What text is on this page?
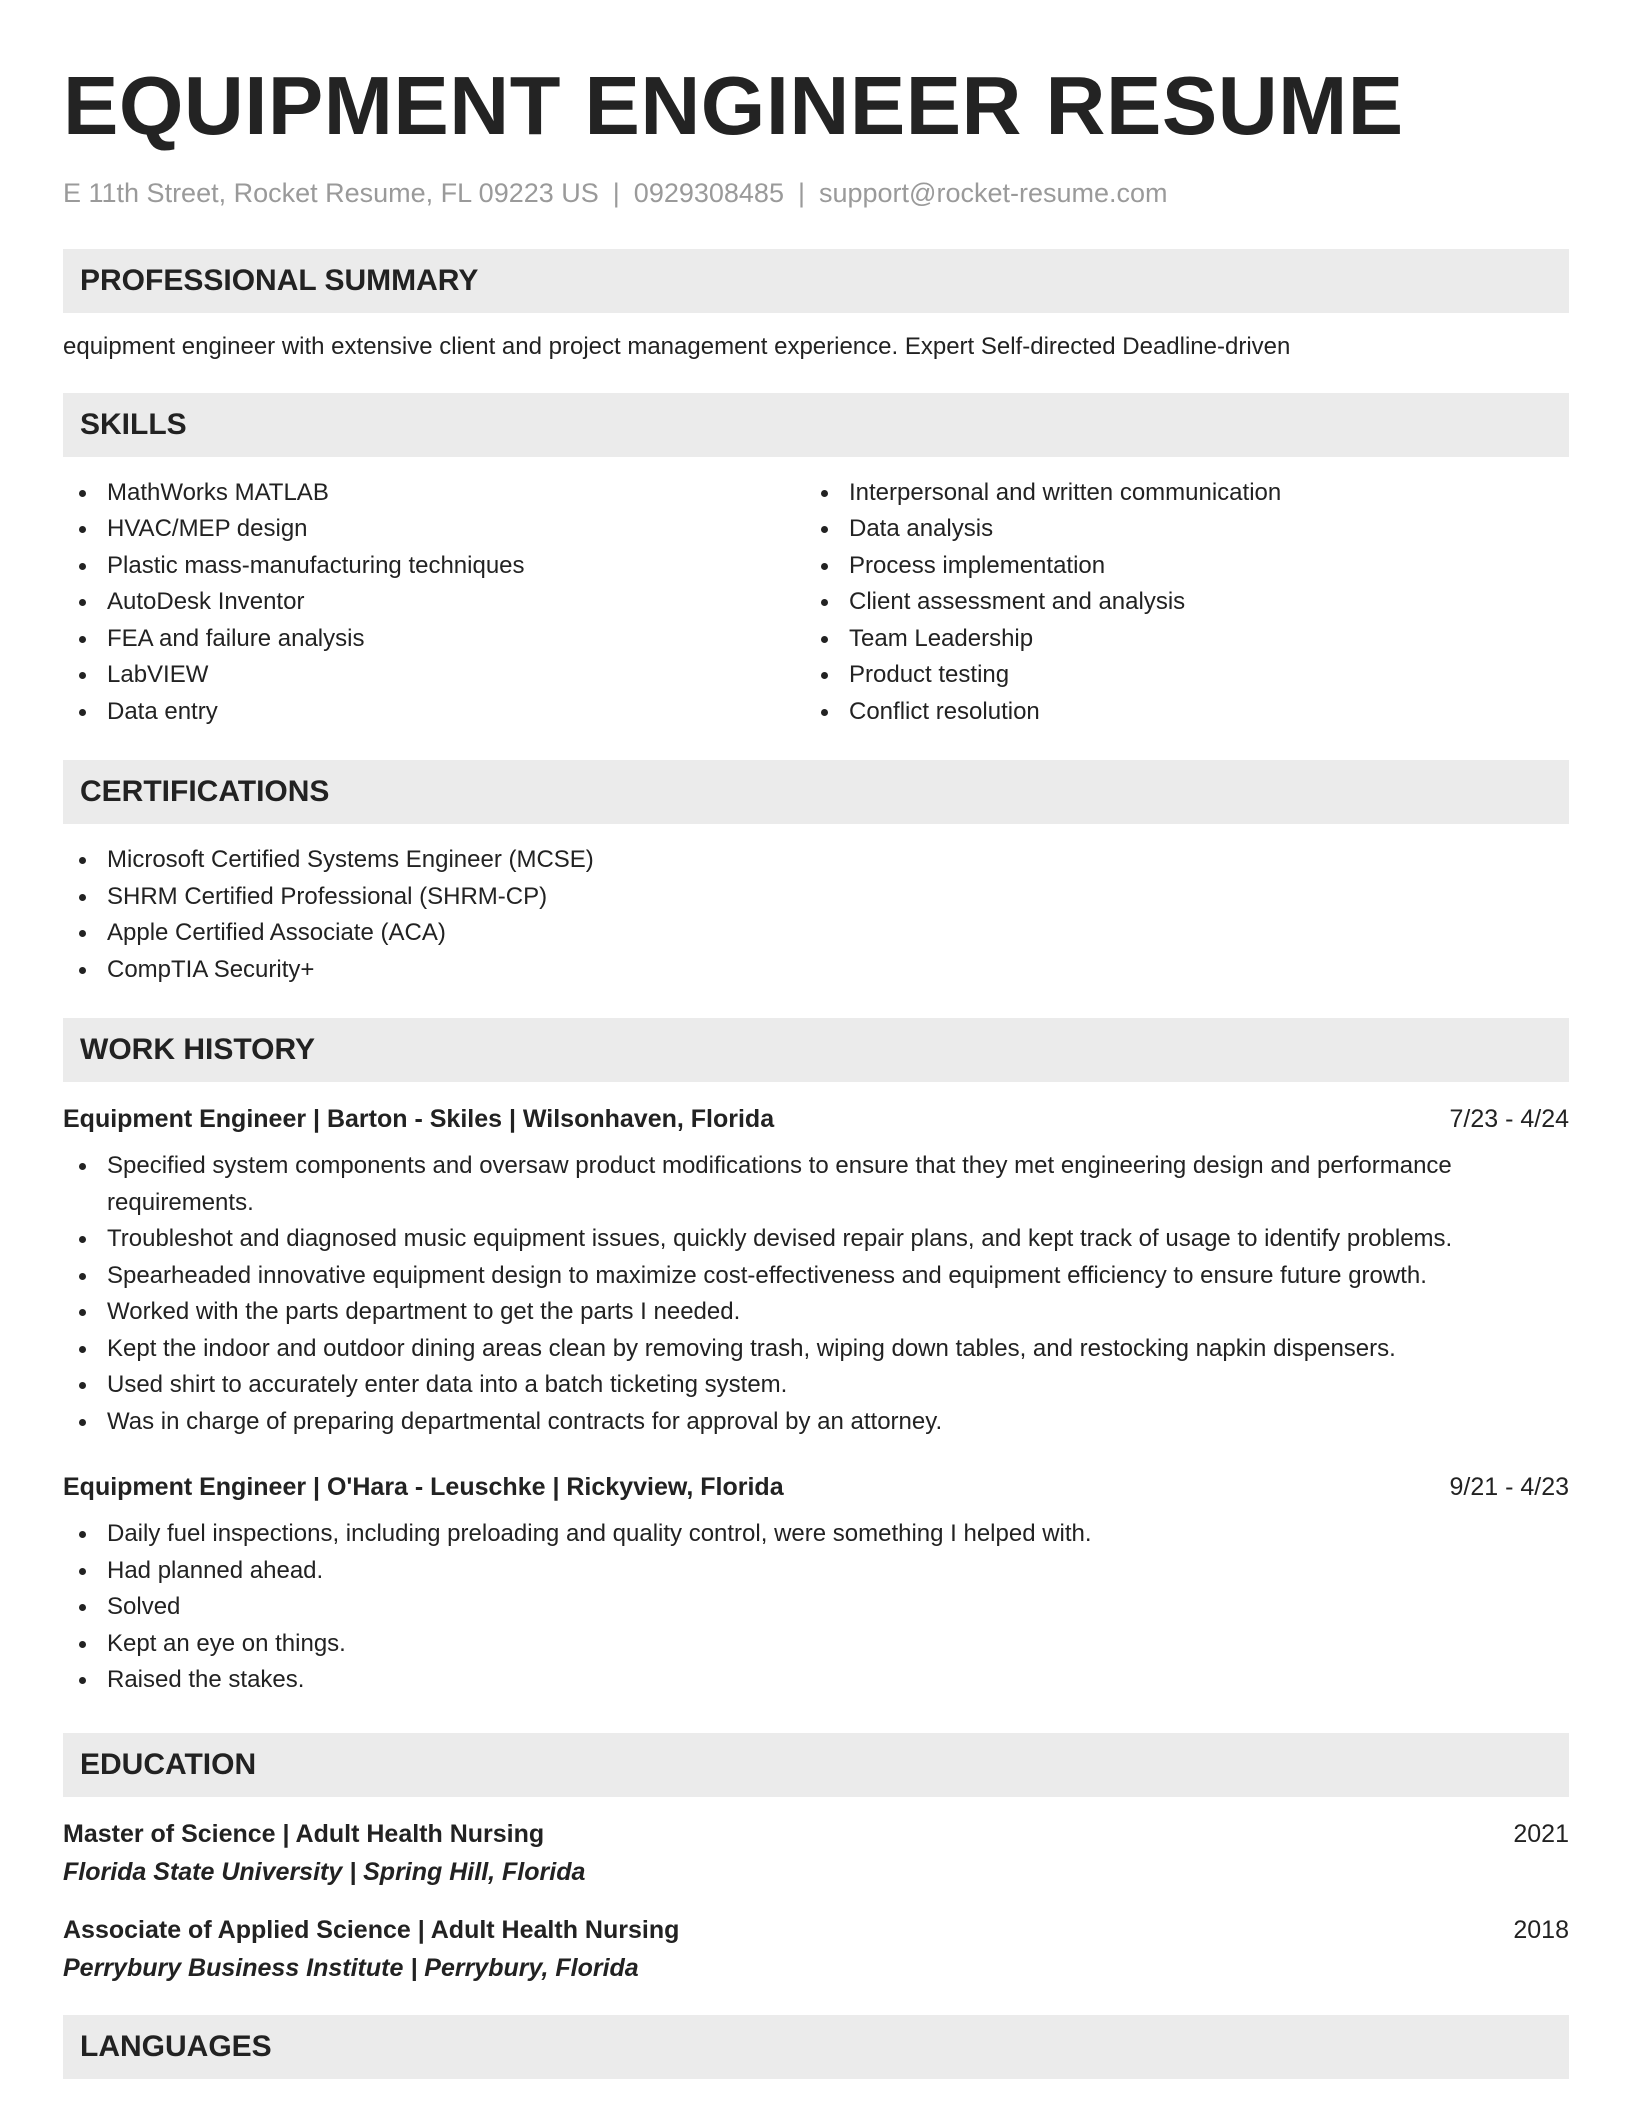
EQUIPMENT ENGINEER RESUME
E 11th Street, Rocket Resume, FL 09223 US | 0929308485 | support@rocket-resume.com
PROFESSIONAL SUMMARY

equipment engineer with extensive client and project management experience. Expert Self-directed Deadline-driven

SKILLS
MathWorks MATLAB
HVAC/MEP design
Plastic mass-manufacturing techniques
AutoDesk Inventor
FEA and failure analysis
LabVIEW
Data entry
Interpersonal and written communication
Data analysis
Process implementation
Client assessment and analysis
Team Leadership
Product testing
Conflict resolution
CERTIFICATIONS
Microsoft Certified Systems Engineer (MCSE)
SHRM Certified Professional (SHRM-CP)
Apple Certified Associate (ACA)
CompTIA Security+
WORK HISTORY
Equipment Engineer | Barton - Skiles | Wilsonhaven, Florida	7/23 - 4/24
Specified system components and oversaw product modifications to ensure that they met engineering design and performance requirements.
Troubleshot and diagnosed music equipment issues, quickly devised repair plans, and kept track of usage to identify problems.
Spearheaded innovative equipment design to maximize cost-effectiveness and equipment efficiency to ensure future growth.
Worked with the parts department to get the parts I needed.
Kept the indoor and outdoor dining areas clean by removing trash, wiping down tables, and restocking napkin dispensers.
Used shirt to accurately enter data into a batch ticketing system.
Was in charge of preparing departmental contracts for approval by an attorney.
Equipment Engineer | O'Hara - Leuschke | Rickyview, Florida	9/21 - 4/23
Daily fuel inspections, including preloading and quality control, were something I helped with.
Had planned ahead.
Solved
Kept an eye on things.
Raised the stakes.
EDUCATION
Master of Science | Adult Health Nursing	2021
Florida State University | Spring Hill, Florida
Associate of Applied Science | Adult Health Nursing	2018
Perrybury Business Institute | Perrybury, Florida
LANGUAGES
